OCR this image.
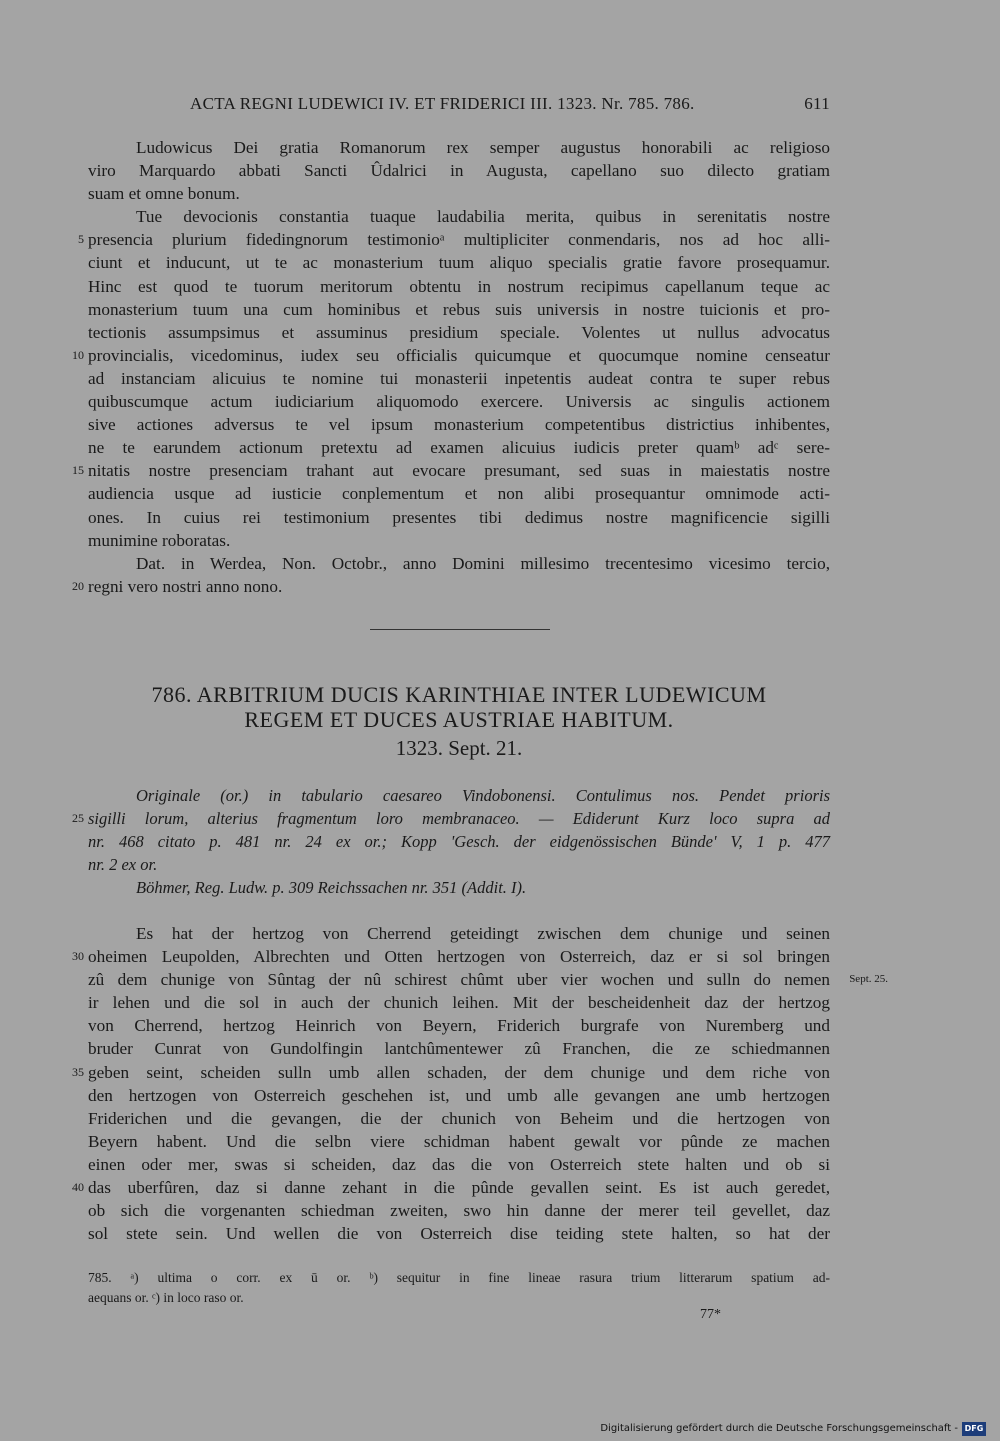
ACTA REGNI LUDEWICI IV. ET FRIDERICI III. 1323. Nr. 785. 786.	611
Ludowicus Dei gratia Romanorum rex semper augustus honorabili ac religioso
viro Marquardo abbati Sancti Ûdalrici in Augusta, capellano suo dilecto gratiam
suam et omne bonum.
Tue devocionis constantia tuaque laudabilia merita, quibus in serenitatis nostre
presencia plurium fidedingnorum testimonioᵃ multipliciter conmendaris, nos ad hoc alli-
5
ciunt et inducunt, ut te ac monasterium tuum aliquo specialis gratie favore prosequamur.
Hinc est quod te tuorum meritorum obtentu in nostrum recipimus capellanum teque ac
monasterium tuum una cum hominibus et rebus suis universis in nostre tuicionis et pro-
tectionis assumpsimus et assuminus presidium speciale. Volentes ut nullus advocatus
provincialis, vicedominus, iudex seu officialis quicumque et quocumque nomine censeatur
10
ad instanciam alicuius te nomine tui monasterii inpetentis audeat contra te super rebus
quibuscumque actum iudiciarium aliquomodo exercere. Universis ac singulis actionem
sive actiones adversus te vel ipsum monasterium competentibus districtius inhibentes,
ne te earundem actionum pretextu ad examen alicuius iudicis preter quamᵇ adᶜ sere-
nitatis nostre presenciam trahant aut evocare presumant, sed suas in maiestatis nostre
15
audiencia usque ad iusticie conplementum et non alibi prosequantur omnimode acti-
ones. In cuius rei testimonium presentes tibi dedimus nostre magnificencie sigilli
munimine roboratas.
Dat. in Werdea, Non. Octobr., anno Domini millesimo trecentesimo vicesimo tercio,
regni vero nostri anno nono.
20
786. ARBITRIUM DUCIS KARINTHIAE INTER LUDEWICUM
REGEM ET DUCES AUSTRIAE HABITUM.
1323. Sept. 21.
Originale (or.) in tabulario caesareo Vindobonensi. Contulimus nos. Pendet prioris
sigilli lorum, alterius fragmentum loro membranaceo. — Ediderunt Kurz loco supra ad
25
nr. 468 citato p. 481 nr. 24 ex or.; Kopp 'Gesch. der eidgenössischen Bünde' V, 1 p. 477
nr. 2 ex or.
Böhmer, Reg. Ludw. p. 309 Reichssachen nr. 351 (Addit. I).
Es hat der hertzog von Cherrend geteidingt zwischen dem chunige und seinen
oheimen Leupolden, Albrechten und Otten hertzogen von Osterreich, daz er si sol bringen
30
zû dem chunige von Sûntag der nû schirest chûmt uber vier wochen und sulln do nemen Sept. 25.
ir lehen und die sol in auch der chunich leihen. Mit der bescheidenheit daz der hertzog
von Cherrend, hertzog Heinrich von Beyern, Friderich burgrafe von Nuremberg und
bruder Cunrat von Gundolfingin lantchûmentewer zû Franchen, die ze schiedmannen
geben seint, scheiden sulln umb allen schaden, der dem chunige und dem riche von
35
den hertzogen von Osterreich geschehen ist, und umb alle gevangen ane umb hertzogen
Friderichen und die gevangen, die der chunich von Beheim und die hertzogen von
Beyern habent. Und die selbn viere schidman habent gewalt vor pûnde ze machen
einen oder mer, swas si scheiden, daz das die von Osterreich stete halten und ob si
das uberfûren, daz si danne zehant in die pûnde gevallen seint. Es ist auch geredet,
40
ob sich die vorgenanten schiedman zweiten, swo hin danne der merer teil gevellet, daz
sol stete sein. Und wellen die von Osterreich dise teiding stete halten, so hat der
785. ᵃ) ultima o corr. ex ū or. ᵇ) sequitur in fine lineae rasura trium litterarum spatium ad-
aequans or. ᶜ) in loco raso or.
77*
Digitalisierung gefördert durch die Deutsche Forschungsgemeinschaft - DFG
